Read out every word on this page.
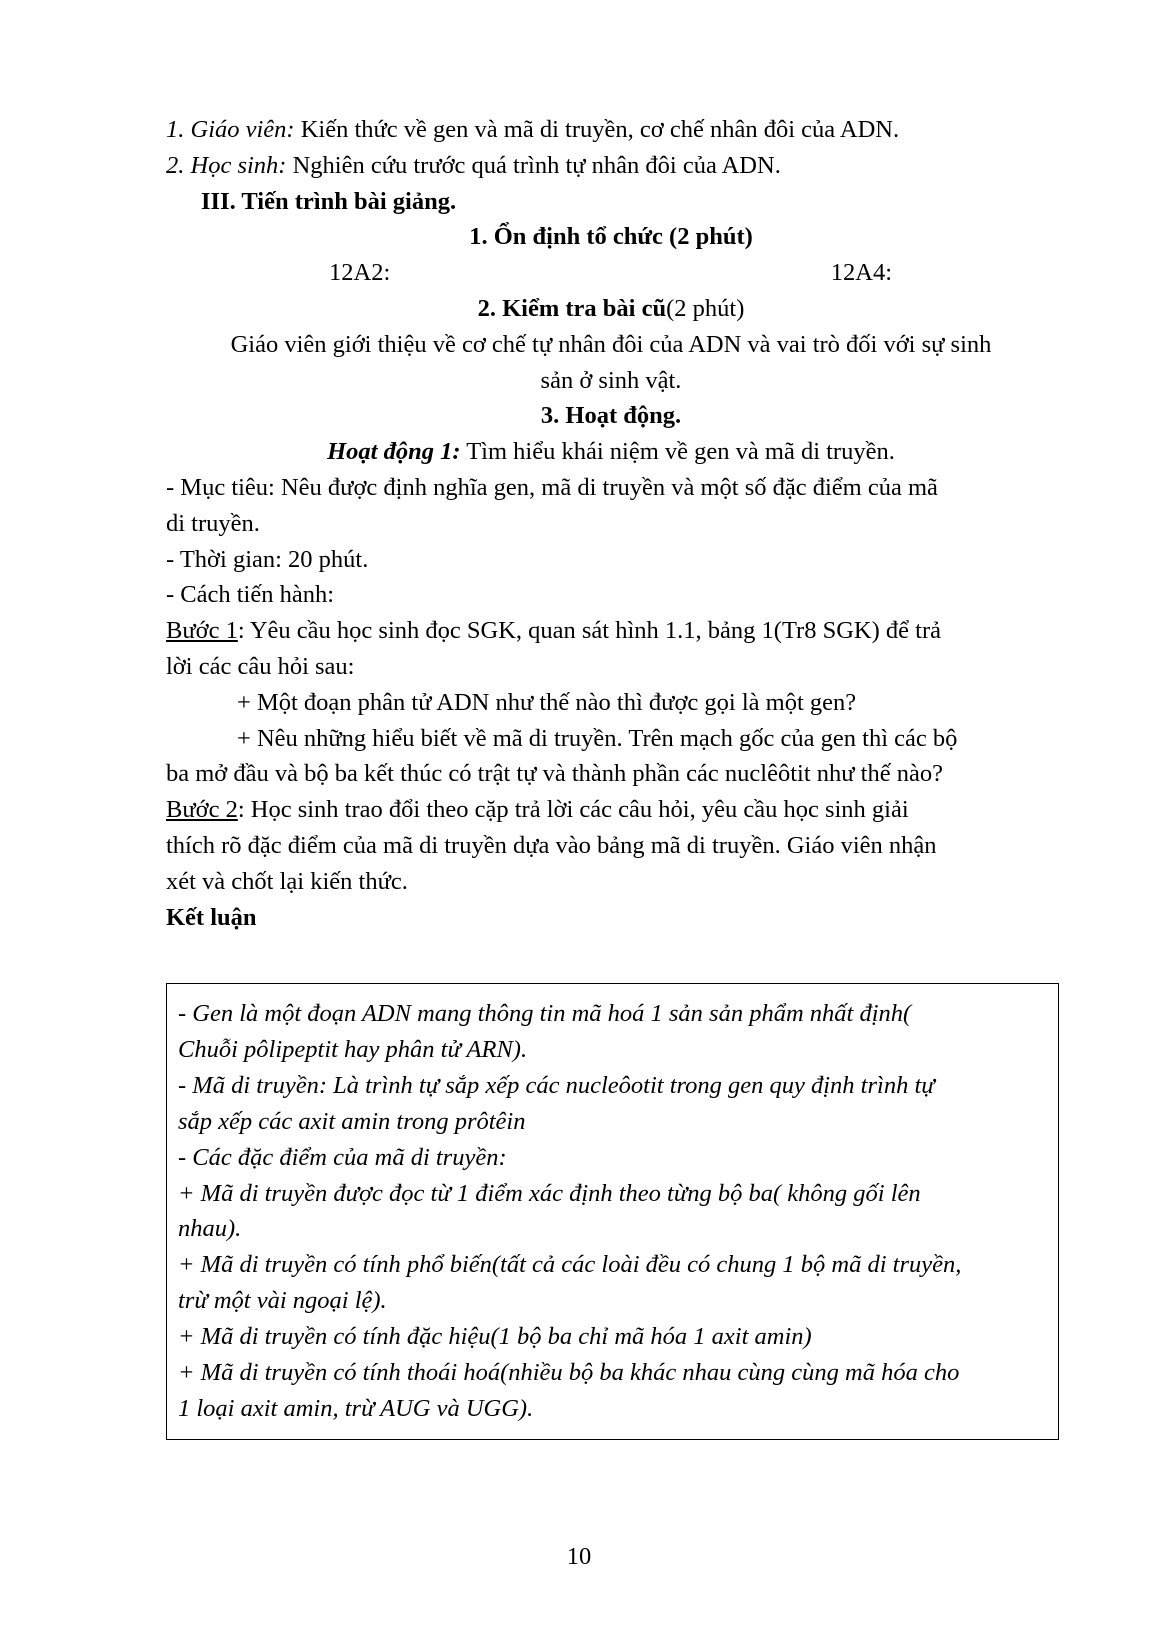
1. Giáo viên: Kiến thức về gen và mã di truyền, cơ chế nhân đôi của ADN.

2. Học sinh: Nghiên cứu trước quá trình tự nhân đôi của ADN.

III. Tiến trình bài giảng.

1. Ổn định tổ chức (2 phút)

12A2:	12A4:

2. Kiểm tra bài cũ(2 phút)

Giáo viên giới thiệu về cơ chế tự nhân đôi của ADN và vai trò đối với sự sinh

sản ở sinh vật.

3. Hoạt động.

Hoạt động 1: Tìm hiểu khái niệm về gen và mã di truyền.

- Mục tiêu: Nêu được định nghĩa gen, mã di truyền và một số đặc điểm của mã

di truyền.

- Thời gian: 20 phút.

- Cách tiến hành:

Bước 1: Yêu cầu học sinh đọc SGK, quan sát hình 1.1, bảng 1(Tr8 SGK) để trả

lời các câu hỏi sau:

+ Một đoạn phân tử ADN như thế nào thì được gọi là một gen?

+ Nêu những hiểu biết về mã di truyền. Trên mạch gốc của gen thì các bộ

ba mở đầu và bộ ba kết thúc có trật tự và thành phần các nuclêôtit như thế nào?

Bước 2: Học sinh trao đổi theo cặp trả lời các câu hỏi, yêu cầu học sinh giải

thích rõ đặc điểm của mã di truyền dựa vào bảng mã di truyền. Giáo viên nhận

xét và chốt lại kiến thức.

Kết luận

- Gen là một đoạn ADN mang thông tin mã hoá 1 sản sản phẩm nhất định(

Chuỗi pôlipeptit hay phân tử ARN).

- Mã di truyền: Là trình tự sắp xếp các nucleôotit trong gen quy định trình tự

sắp xếp các axit amin trong prôtêin

- Các đặc điểm của mã di truyền:

+ Mã di truyền được đọc từ 1 điểm xác định theo từng bộ ba( không gối lên

nhau).

+ Mã di truyền có tính phổ biến(tất cả các loài đều có chung 1 bộ mã di truyền,

trừ một vài ngoại lệ).

+ Mã di truyền có tính đặc hiệu(1 bộ ba chỉ mã hóa 1 axit amin)

+ Mã di truyền có tính thoái hoá(nhiều bộ ba khác nhau cùng cùng mã hóa cho

1 loại axit amin, trừ AUG và UGG).

10
